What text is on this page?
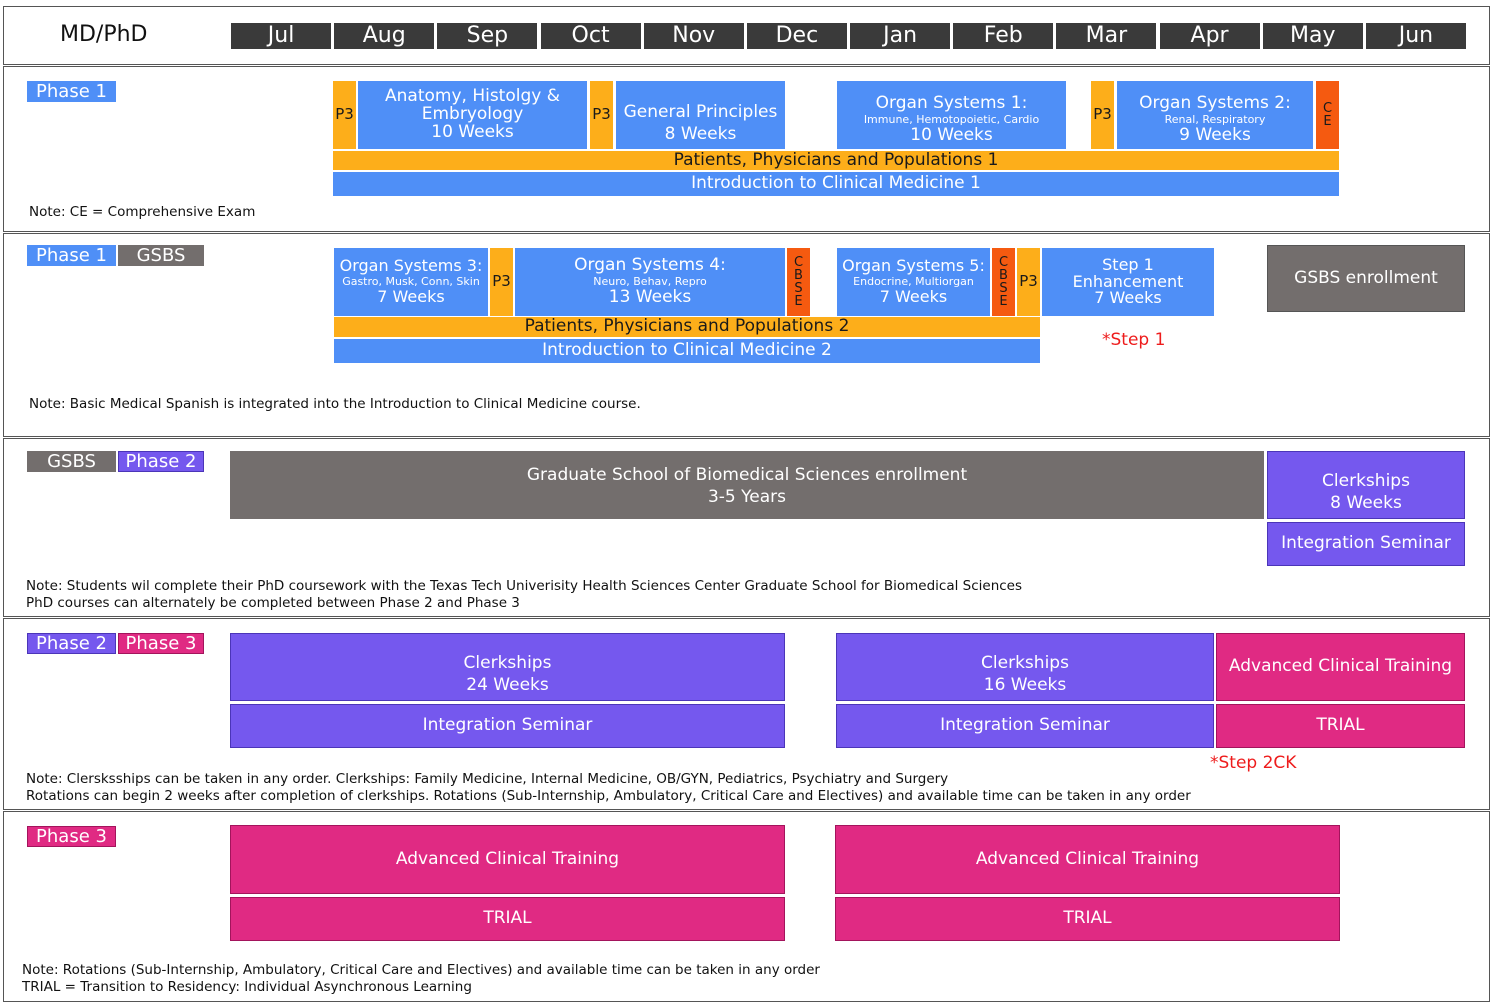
MD/PhD	Jul	Aug	Sep	Oct	Nov	Dec	Jan	Feb	Mar	Apr	May	Jun
Phase 1
P3
Anatomy, Histolgy &
Embryology
10 Weeks
P3 General Principles
8 Weeks
Organ Systems 1:
Immune, Hemotopoietic, Cardio
10 Weeks
P3
Organ Systems 2:
Renal, Respiratory
9 Weeks
C
E
Patients, Physicians and Populations 1
Introduction to Clinical Medicine 1
Note: CE = Comprehensive Exam
Phase 1	GSBS	Organ Systems 3:
Gastro, Musk, Conn, Skin
7 Weeks
P3
Organ Systems 4:
Neuro, Behav, Repro
13 Weeks
C
B
S
E
Organ Systems 5:
Endocrine, Multiorgan
7 Weeks
C
B
S
E
P3
Step 1
Enhancement
7 Weeks
GSBS enrollment
Patients, Physicians and Populations 2
Introduction to Clinical Medicine 2
*Step 1
Note: Basic Medical Spanish is integrated into the Introduction to Clinical Medicine course.
GSBS	Phase 2
Graduate School of Biomedical Sciences enrollment
3-5 Years
Clerkships
8 Weeks
Integration Seminar
Note: Students wil complete their PhD coursework with the Texas Tech Univerisity Health Sciences Center Graduate School for Biomedical Sciences
PhD courses can alternately be completed between Phase 2 and Phase 3
Phase 2	Phase 3
Clerkships
24 Weeks
Integration Seminar
Clerkships
16 Weeks
Integration Seminar
Advanced Clinical Training
TRIAL
*Step 2CK
Note: Clersksships can be taken in any order. Clerkships: Family Medicine, Internal Medicine, OB/GYN, Pediatrics, Psychiatry and Surgery
Rotations can begin 2 weeks after completion of clerkships. Rotations (Sub-Internship, Ambulatory, Critical Care and Electives) and available time can be taken in any order
Phase 3
Advanced Clinical Training
TRIAL
Advanced Clinical Training
TRIAL
Note: Rotations (Sub-Internship, Ambulatory, Critical Care and Electives) and available time can be taken in any order
TRIAL = Transition to Residency: Individual Asynchronous Learning
